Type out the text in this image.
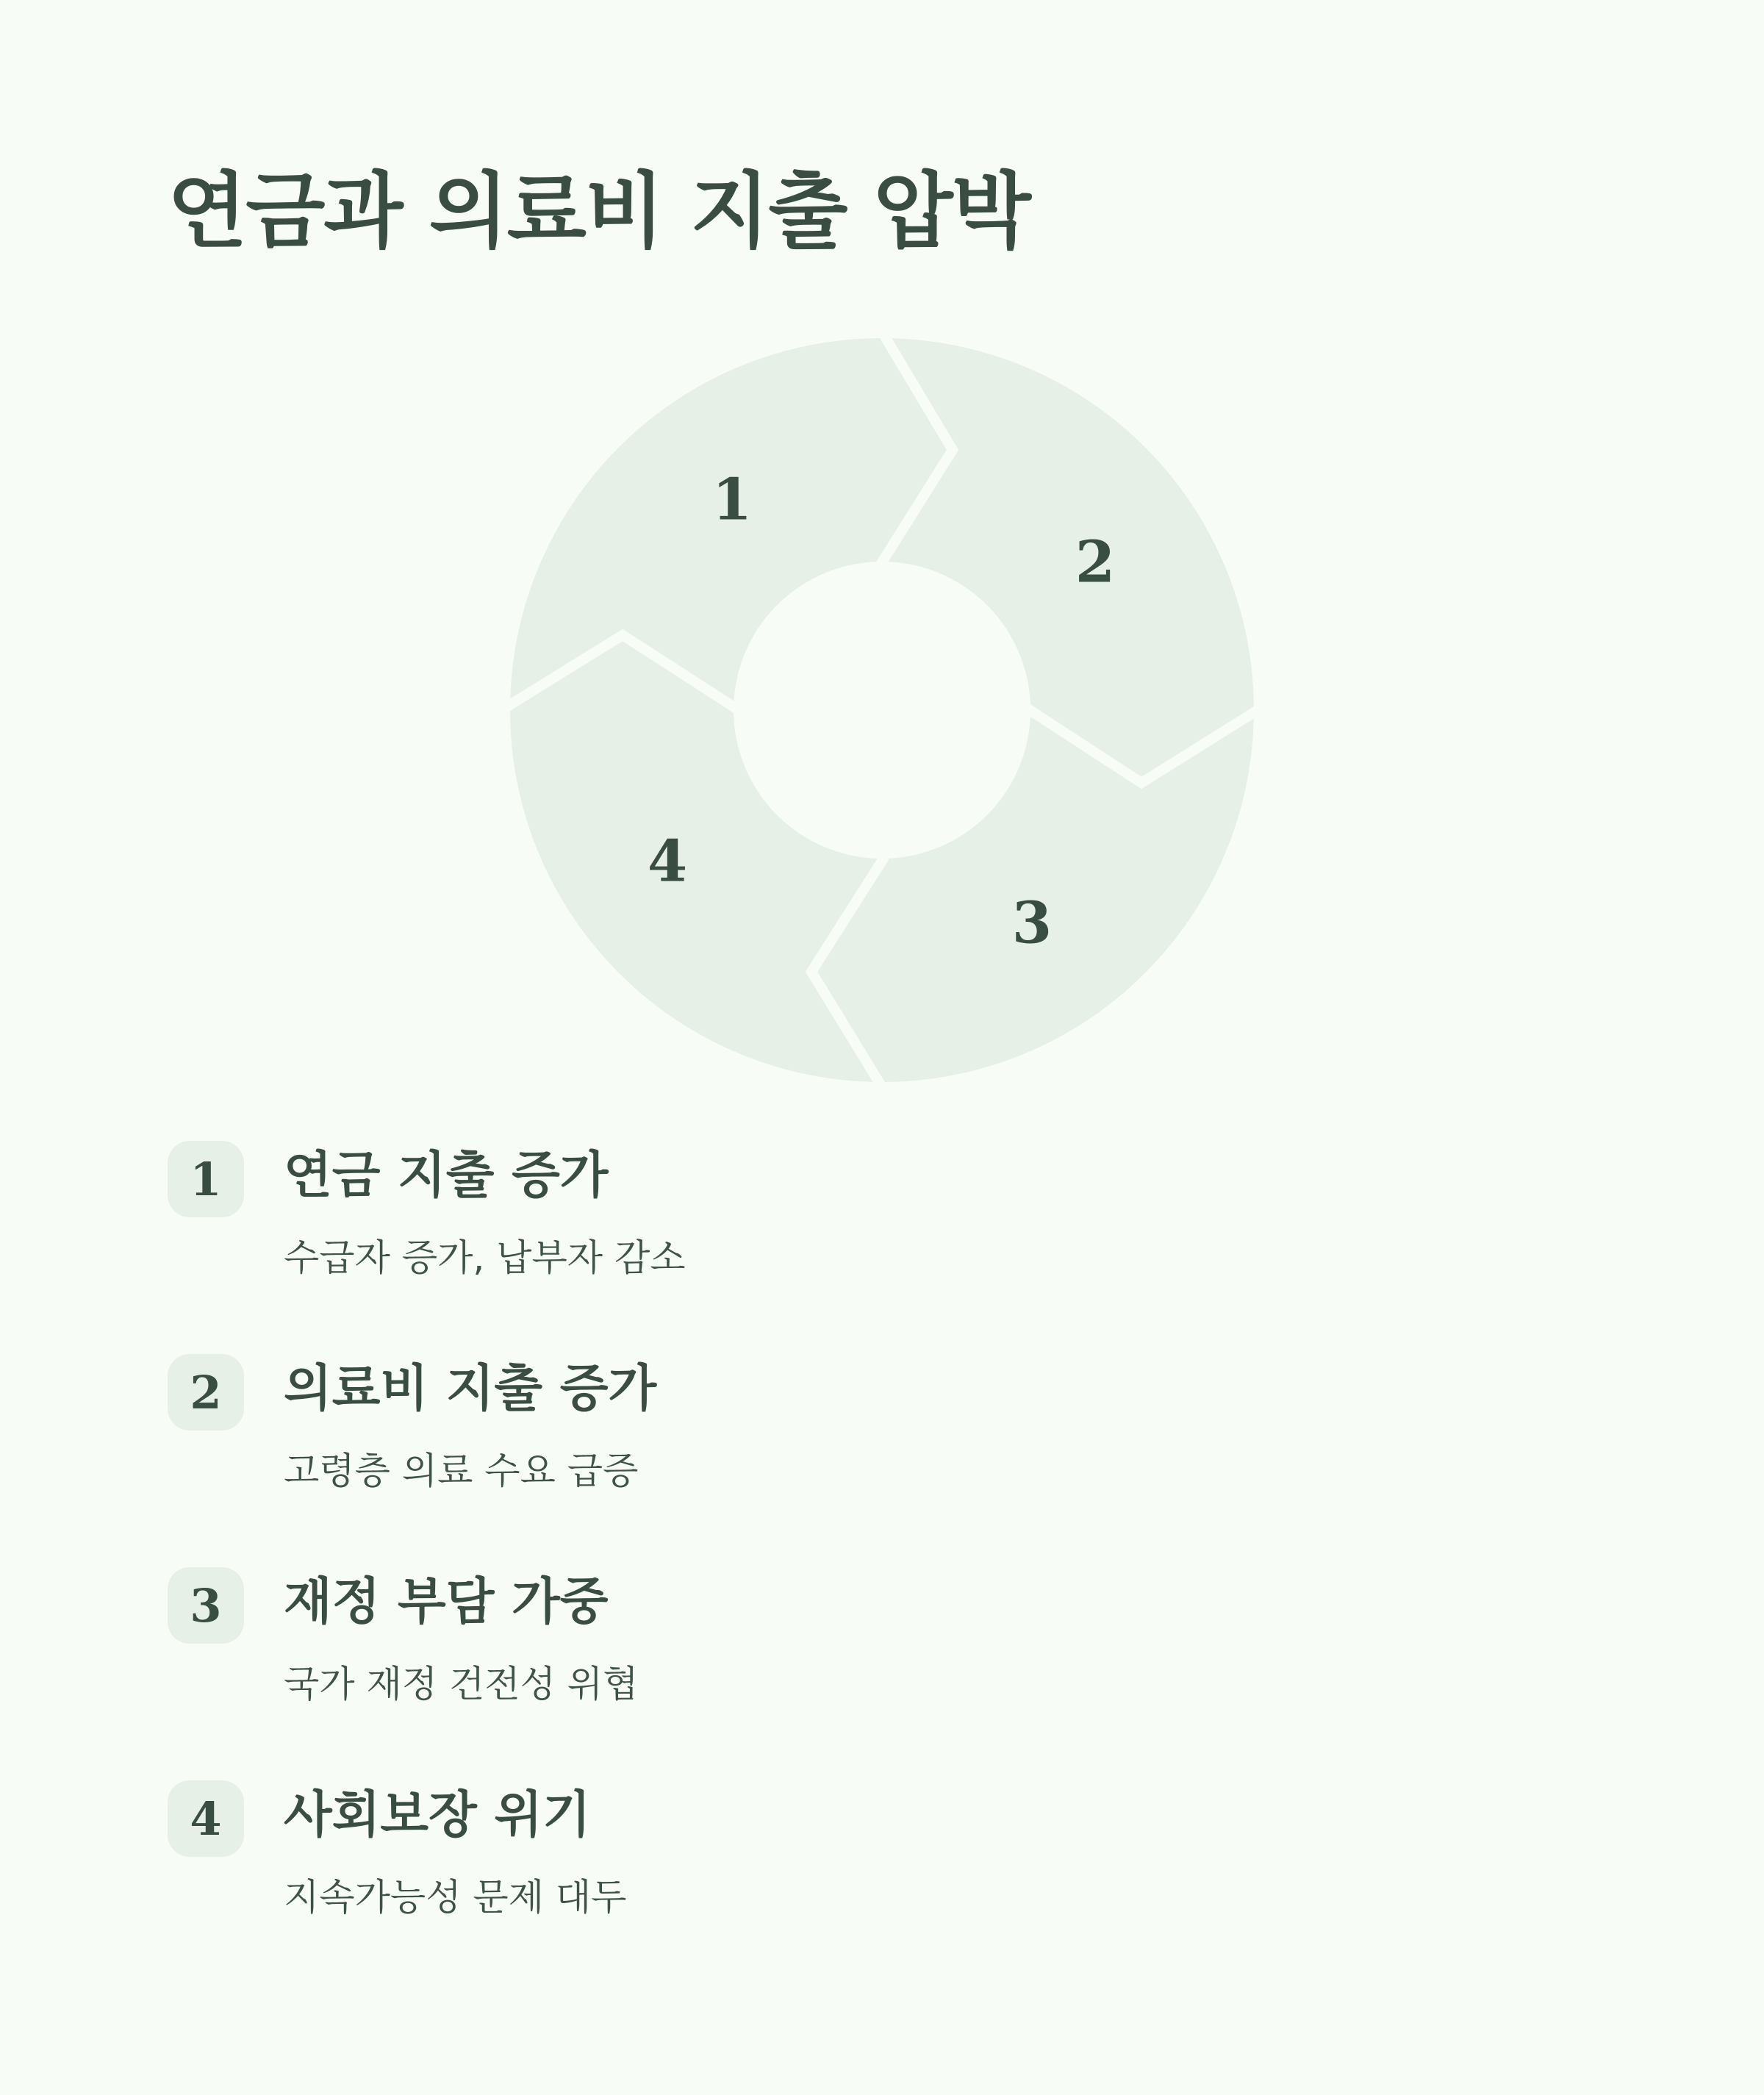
연금과 의료비 지출 압박
1
2
3
4
1	연금 지출 증가
수급자 증가, 납부자 감소
2	의료비 지출 증가
고령층 의료 수요 급증
3	재정 부담 가중
국가 재정 건전성 위협
4	사회보장 위기
지속가능성 문제 대두
